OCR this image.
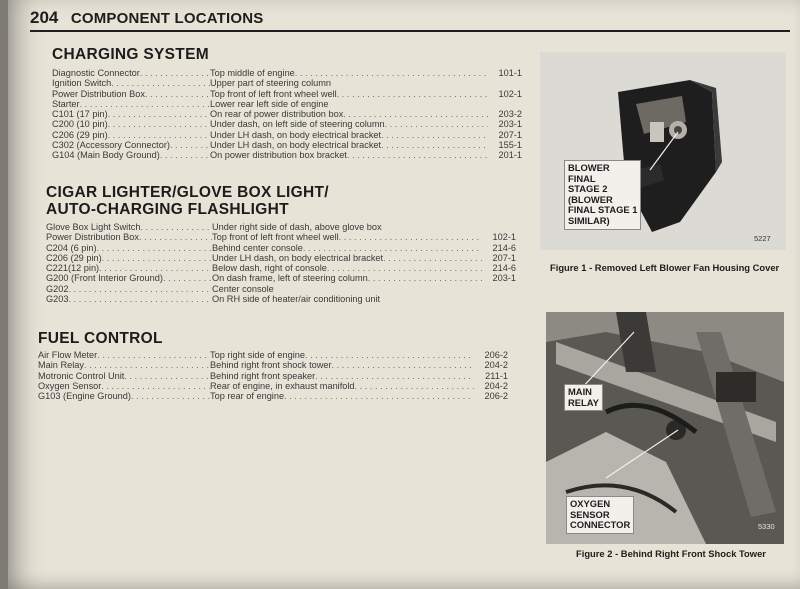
204 COMPONENT LOCATIONS
CHARGING SYSTEM
Diagnostic Connector . . .	Top middle of engine . . .	101-1
Ignition Switch . . .	Upper part of steering column
Power Distribution Box . . .	Top front of left front wheel well . . .	102-1
Starter . . .	Lower rear left side of engine
C101 (17 pin) . . .	On rear of power distribution box . . .	203-2
C200 (10 pin) . . .	Under dash, on left side of steering column . . .	203-1
C206 (29 pin) . . .	Under LH dash, on body electrical bracket . . .	207-1
C302 (Accessory Connector) . . .	Under LH dash, on body electrical bracket . . .	155-1
G104 (Main Body Ground) . . .	On power distribution box bracket . . .	201-1
CIGAR LIGHTER/GLOVE BOX LIGHT/
AUTO-CHARGING FLASHLIGHT
Glove Box Light Switch . . .	Under right side of dash, above glove box
Power Distribution Box . . .	Top front of left front wheel well . . .	102-1
C204 (6 pin) . . .	Behind center console . . .	214-6
C206 (29 pin) . . .	Under LH dash, on body electrical bracket . . .	207-1
C221(12 pin) . . .	Below dash, right of console . . .	214-6
G200 (Front Interior Ground) . . .	On dash frame, left of steering column . . .	203-1
G202 . . .	Center console
G203 . . .	On RH side of heater/air conditioning unit
FUEL CONTROL
Air Flow Meter . . .	Top right side of engine . . .	206-2
Main Relay . . .	Behind right front shock tower . . .	204-2
Motronic Control Unit . . .	Behind right front speaker . . .	211-1
Oxygen Sensor . . .	Rear of engine, in exhaust manifold . . .	204-2
G103 (Engine Ground) . . .	Top rear of engine . . .	206-2
BLOWER
FINAL
STAGE 2
(BLOWER
FINAL STAGE 1
SIMILAR)
5227
Figure 1 - Removed Left Blower Fan Housing Cover
MAIN
RELAY
OXYGEN
SENSOR
CONNECTOR	5330
Figure 2 - Behind Right Front Shock Tower
